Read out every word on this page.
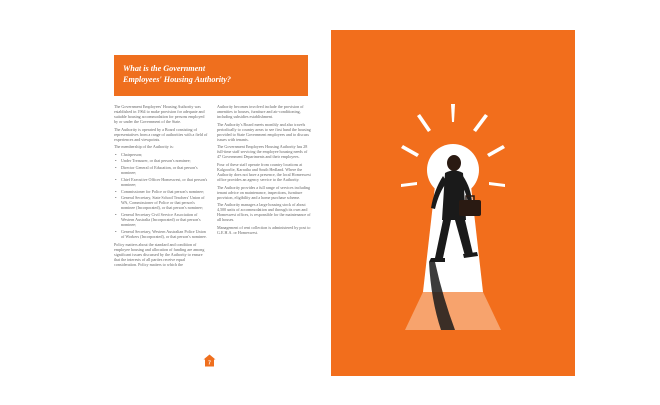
What is the Government
Employees' Housing Authority?

The Government Employees' Housing Authority was established in 1964 to make provision for adequate and suitable housing accommodation for persons employed by or under the Government of the State.

The Authority is operated by a Board consisting of representatives from a range of authorities with a field of experiences and viewpoints.

The membership of the Authority is:

• Chairperson;
• Under Treasurer, or that person's nominee;
• Director General of Education, or that person's nominee;
• Chief Executive Officer Homeswest, or that person's nominee;
• Commissioner for Police or that person's nominee;
• General Secretary, State School Teachers' Union of WA, Commissioner of Police or that person's nominee (Incorporated), or that person's nominee;
• General Secretary Civil Service Association of Western Australia (Incorporated) or that person's nominee;
• General Secretary, Western Australian Police Union of Workers (Incorporated), or that person's nominee.

Policy matters about the standard and condition of employee housing and allocation of funding are among significant issues discussed by the Authority to ensure that the interests of all parties receive equal consideration. Policy matters to which the

Authority becomes involved include the provision of amenities to houses, furniture and air-conditioning, including subsidies establishment.

The Authority's Board meets monthly and also travels periodically to country areas to see first hand the housing provided to State Government employees and to discuss issues with tenants.

The Government Employees Housing Authority has 28 full-time staff servicing the employee housing needs of 47 Government Departments and their employees.

Four of these staff operate from country locations at Kalgoorlie, Karratha and South Hedland. Where the Authority does not have a presence, the local Homeswest office provides an agency service to the Authority.

The Authority provides a full range of services including tenant advice on maintenance, inspections, furniture provision, eligibility and a home purchase scheme.

The Authority manages a large housing stock of about 4,500 units of accommodation and through its own and Homeswest offices, is responsible for the maintenance of all houses.

Management of rent collection is administered by post to G.E.H.A. or Homeswest.

7
